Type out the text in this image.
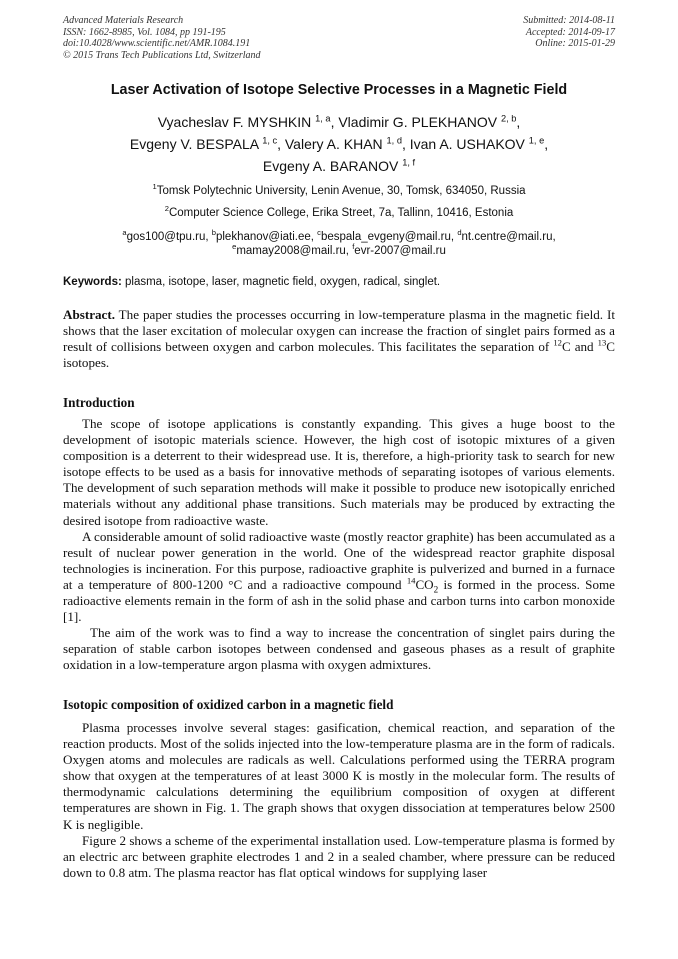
Advanced Materials Research
ISSN: 1662-8985, Vol. 1084, pp 191-195
doi:10.4028/www.scientific.net/AMR.1084.191
© 2015 Trans Tech Publications Ltd, Switzerland
Submitted: 2014-08-11
Accepted: 2014-09-17
Online: 2015-01-29
Laser Activation of Isotope Selective Processes in a Magnetic Field
Vyacheslav F. MYSHKIN $^{1, a}$, Vladimir G. PLEKHANOV $^{2, b}$,
Evgeny V. BESPALA $^{1, c}$, Valery A. KHAN $^{1, d}$, Ivan A. USHAKOV $^{1, e}$,
Evgeny A. BARANOV $^{1, f}$
$^1$Tomsk Polytechnic University, Lenin Avenue, 30, Tomsk, 634050, Russia
$^2$Computer Science College, Erika Street, 7a, Tallinn, 10416, Estonia
$^a$gos100@tpu.ru, $^b$plekhanov@iati.ee, $^c$bespala_evgeny@mail.ru, $^d$nt.centre@mail.ru,
$^e$mamay2008@mail.ru, $^f$evr-2007@mail.ru
Keywords: plasma, isotope, laser, magnetic field, oxygen, radical, singlet.

Abstract. The paper studies the processes occurring in low-temperature plasma in the magnetic field. It shows that the laser excitation of molecular oxygen can increase the fraction of singlet pairs formed as a result of collisions between oxygen and carbon molecules. This facilitates the separation of $^{12}$C and $^{13}$C isotopes.

Introduction

The scope of isotope applications is constantly expanding. This gives a huge boost to the development of isotopic materials science. However, the high cost of isotopic mixtures of a given composition is a deterrent to their widespread use. It is, therefore, a high-priority task to search for new isotope effects to be used as a basis for innovative methods of separating isotopes of various elements. The development of such separation methods will make it possible to produce new isotopically enriched materials without any additional phase transitions. Such materials may be produced by extracting the desired isotope from radioactive waste.

A considerable amount of solid radioactive waste (mostly reactor graphite) has been accumulated as a result of nuclear power generation in the world. One of the widespread reactor graphite disposal technologies is incineration. For this purpose, radioactive graphite is pulverized and burned in a furnace at a temperature of 800-1200 °C and a radioactive compound $^{14}CO_2$ is formed in the process. Some radioactive elements remain in the form of ash in the solid phase and carbon turns into carbon monoxide [1].

The aim of the work was to find a way to increase the concentration of singlet pairs during the separation of stable carbon isotopes between condensed and gaseous phases as a result of graphite oxidation in a low-temperature argon plasma with oxygen admixtures.

Isotopic composition of oxidized carbon in a magnetic field

Plasma processes involve several stages: gasification, chemical reaction, and separation of the reaction products. Most of the solids injected into the low-temperature plasma are in the form of radicals. Oxygen atoms and molecules are radicals as well. Calculations performed using the TERRA program show that oxygen at the temperatures of at least 3000 K is mostly in the molecular form. The results of thermodynamic calculations determining the equilibrium composition of oxygen at different temperatures are shown in Fig. 1. The graph shows that oxygen dissociation at temperatures below 2500 K is negligible.

Figure 2 shows a scheme of the experimental installation used. Low-temperature plasma is formed by an electric arc between graphite electrodes 1 and 2 in a sealed chamber, where pressure can be reduced down to 0.8 atm. The plasma reactor has flat optical windows for supplying laser
